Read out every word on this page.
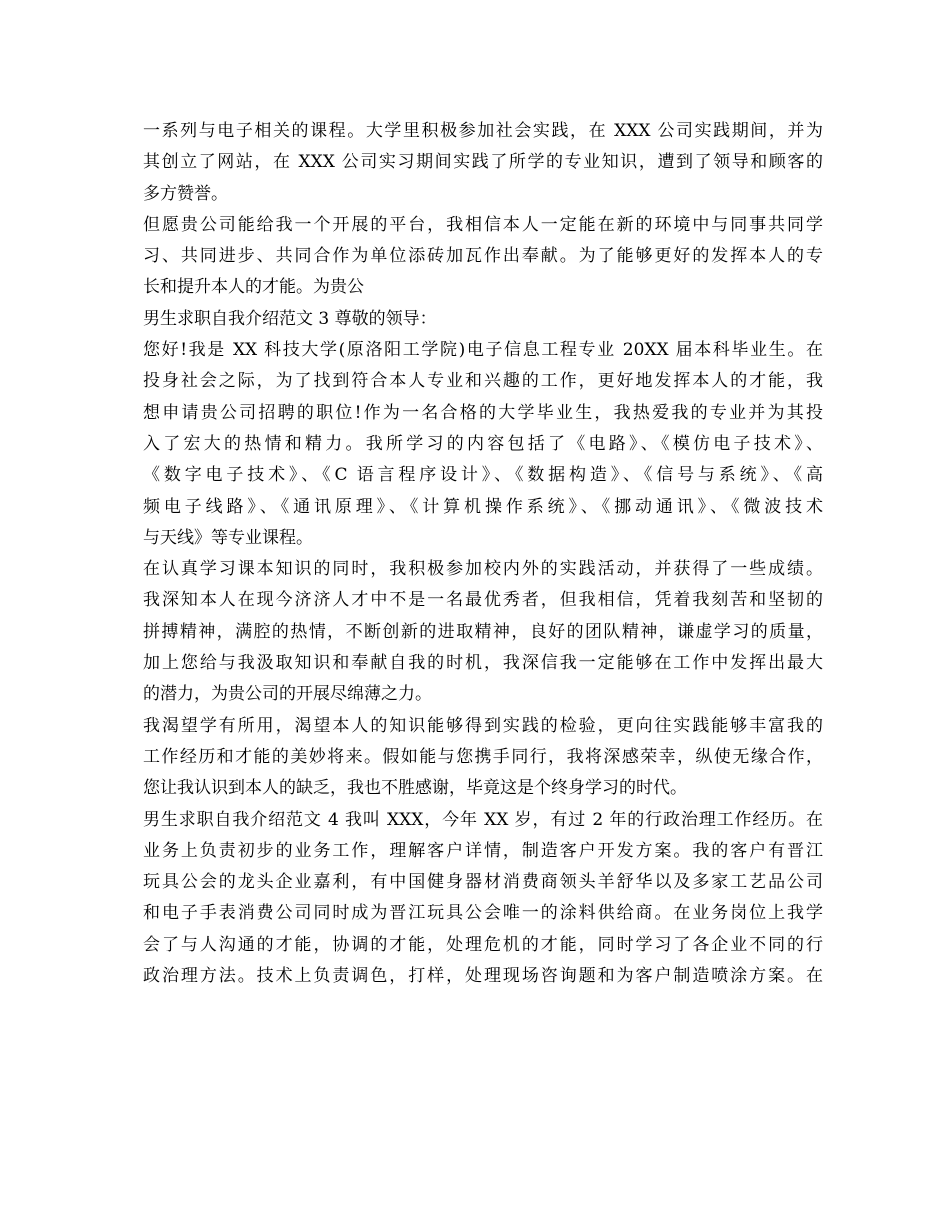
一系列与电子相关的课程。大学里积极参加社会实践，在 XXX 公司实践期间，并为
其创立了网站，在 XXX 公司实习期间实践了所学的专业知识，遭到了领导和顾客的
多方赞誉。
但愿贵公司能给我一个开展的平台，我相信本人一定能在新的环境中与同事共同学
习、共同进步、共同合作为单位添砖加瓦作出奉献。为了能够更好的发挥本人的专
长和提升本人的才能。为贵公
男生求职自我介绍范文 3 尊敬的领导：
您好!我是 XX 科技大学(原洛阳工学院)电子信息工程专业 20XX 届本科毕业生。在
投身社会之际，为了找到符合本人专业和兴趣的工作，更好地发挥本人的才能，我
想申请贵公司招聘的职位!作为一名合格的大学毕业生，我热爱我的专业并为其投
入了宏大的热情和精力。我所学习的内容包括了《电路》、《模仿电子技术》、
《数字电子技术》、《C 语言程序设计》、《数据构造》、《信号与系统》、《高
频电子线路》、《通讯原理》、《计算机操作系统》、《挪动通讯》、《微波技术
与天线》等专业课程。
在认真学习课本知识的同时，我积极参加校内外的实践活动，并获得了一些成绩。
我深知本人在现今济济人才中不是一名最优秀者，但我相信，凭着我刻苦和坚韧的
拼搏精神，满腔的热情，不断创新的进取精神，良好的团队精神，谦虚学习的质量，
加上您给与我汲取知识和奉献自我的时机，我深信我一定能够在工作中发挥出最大
的潜力，为贵公司的开展尽绵薄之力。
我渴望学有所用，渴望本人的知识能够得到实践的检验，更向往实践能够丰富我的
工作经历和才能的美妙将来。假如能与您携手同行，我将深感荣幸，纵使无缘合作，
您让我认识到本人的缺乏，我也不胜感谢，毕竟这是个终身学习的时代。
男生求职自我介绍范文 4 我叫 XXX，今年 XX 岁，有过 2 年的行政治理工作经历。在
业务上负责初步的业务工作，理解客户详情，制造客户开发方案。我的客户有晋江
玩具公会的龙头企业嘉利，有中国健身器材消费商领头羊舒华以及多家工艺品公司
和电子手表消费公司同时成为晋江玩具公会唯一的涂料供给商。在业务岗位上我学
会了与人沟通的才能，协调的才能，处理危机的才能，同时学习了各企业不同的行
政治理方法。技术上负责调色，打样，处理现场咨询题和为客户制造喷涂方案。在
